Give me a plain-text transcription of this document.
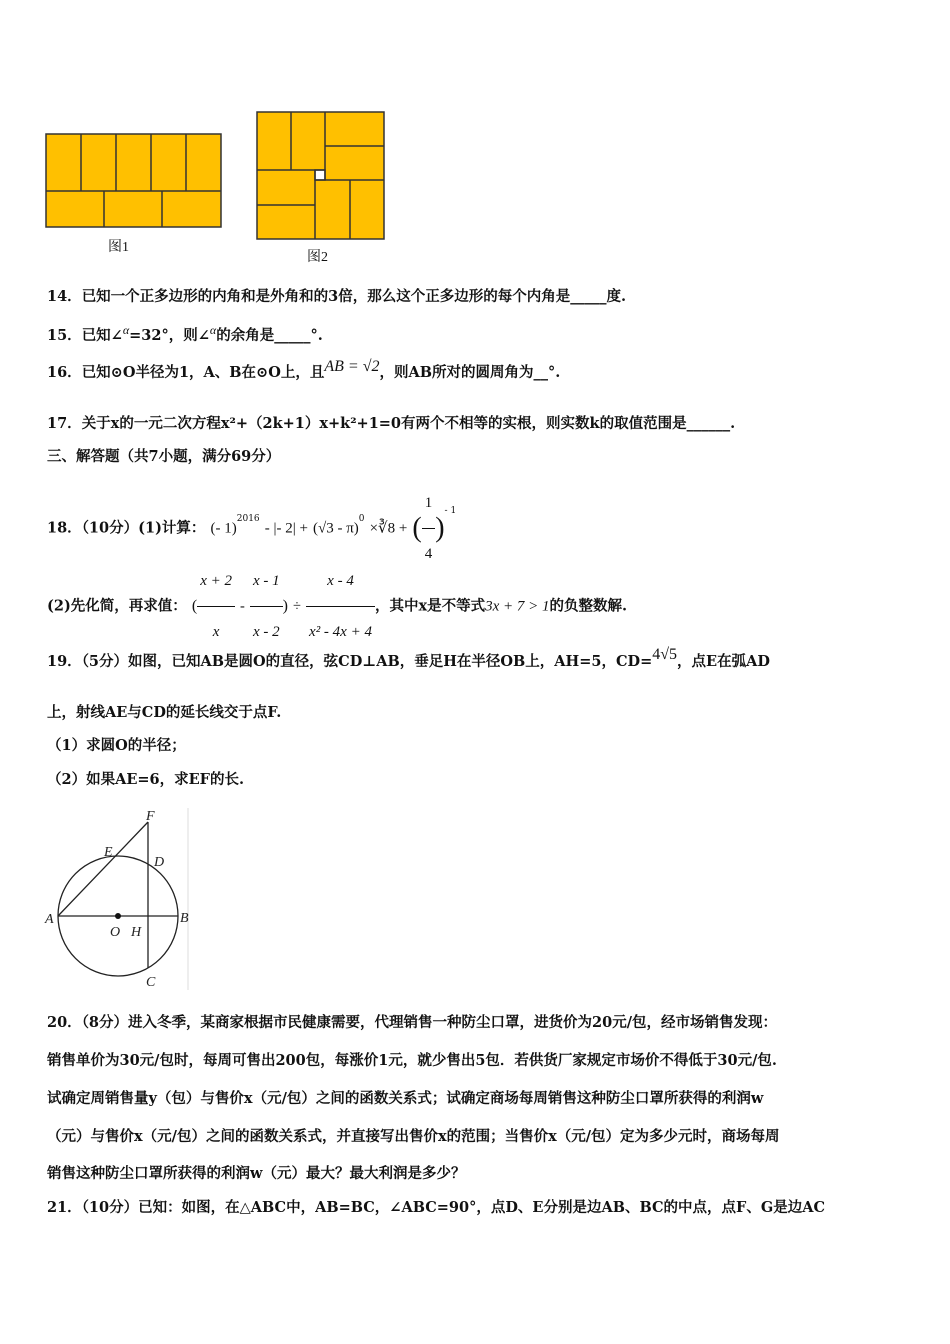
图1
图2
14．已知一个正多边形的内角和是外角和的3倍，那么这个正多边形的每个内角是_____度.
15．已知∠$^\alpha$=32°，则∠$^\alpha$的余角是_____°.
16．已知⊙O半径为1，A、B在⊙O上，且AB = √2，则AB所对的圆周角为__°.
17．关于x的一元二次方程x²+（2k+1）x+k²+1=0有两个不相等的实根，则实数k的取值范围是______.
三、解答题（共7小题，满分69分）
18．（10分）(1)计算： (- 1)$^{2016}$ - |- 2| + (√3 - π)$^0$ ×∛8 + ( $\frac{1}{4} )^{- 1}$
(2)先化简，再求值： ( $\frac{x + 2}{x} - \frac{x - 1}{x - 2}$ ) ÷ $\frac{x - 4}{\text{x² - 4x + 4}}$ ，其中x是不等式3x + 7 > 1的负整数解.
19．（5分）如图，已知AB是圆O的直径，弦CD⊥AB，垂足H在半径OB上，AH=5，CD=4√5，点E在弧AD
上，射线AE与CD的延长线交于点F.
（1）求圆O的半径；
（2）如果AE=6，求EF的长.
F
E
D
A
O H
B
C
20．（8分）进入冬季，某商家根据市民健康需要，代理销售一种防尘口罩，进货价为20元/包，经市场销售发现：
销售单价为30元/包时，每周可售出200包，每涨价1元，就少售出5包．若供货厂家规定市场价不得低于30元/包.
试确定周销售量y（包）与售价x（元/包）之间的函数关系式；试确定商场每周销售这种防尘口罩所获得的利润w
（元）与售价x（元/包）之间的函数关系式，并直接写出售价x的范围；当售价x（元/包）定为多少元时，商场每周
销售这种防尘口罩所获得的利润w（元）最大？最大利润是多少？
21．（10分）已知：如图，在△ABC中，AB=BC，∠ABC=90°，点D、E分别是边AB、BC的中点，点F、G是边AC
